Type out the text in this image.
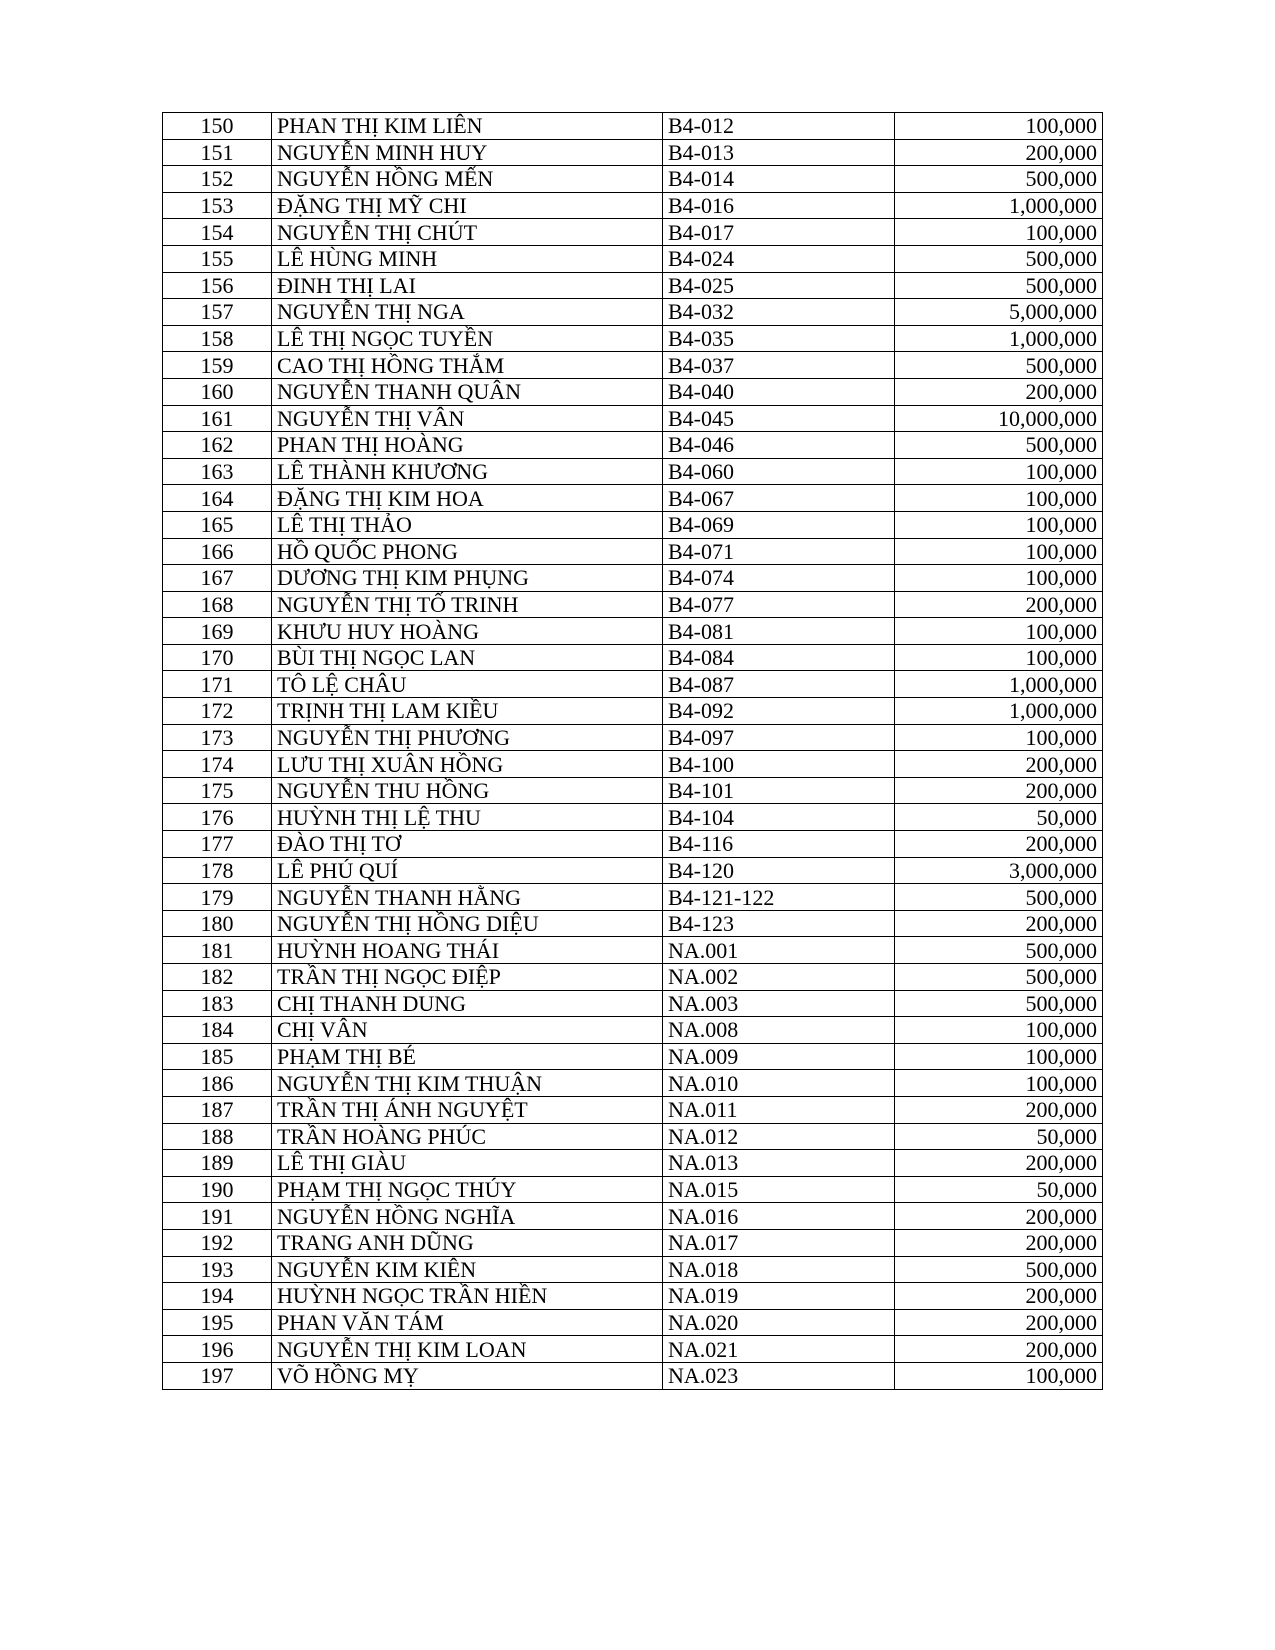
150	PHAN THỊ KIM LIÊN	B4-012	100,000
151	NGUYỄN MINH HUY	B4-013	200,000
152	NGUYỄN HỒNG MẾN	B4-014	500,000
153	ĐẶNG THỊ MỸ CHI	B4-016	1,000,000
154	NGUYỄN THỊ CHÚT	B4-017	100,000
155	LÊ HÙNG MINH	B4-024	500,000
156	ĐINH THỊ LAI	B4-025	500,000
157	NGUYỄN THỊ NGA	B4-032	5,000,000
158	LÊ THỊ NGỌC TUYỀN	B4-035	1,000,000
159	CAO THỊ HỒNG THẮM	B4-037	500,000
160	NGUYỄN THANH QUÂN	B4-040	200,000
161	NGUYỄN THỊ VÂN	B4-045	10,000,000
162	PHAN THỊ HOÀNG	B4-046	500,000
163	LÊ THÀNH KHƯƠNG	B4-060	100,000
164	ĐẶNG THỊ KIM HOA	B4-067	100,000
165	LÊ THỊ THẢO	B4-069	100,000
166	HỒ QUỐC PHONG	B4-071	100,000
167	DƯƠNG THỊ KIM PHỤNG	B4-074	100,000
168	NGUYỄN THỊ TỐ TRINH	B4-077	200,000
169	KHƯU HUY HOÀNG	B4-081	100,000
170	BÙI THỊ NGỌC LAN	B4-084	100,000
171	TÔ LỆ CHÂU	B4-087	1,000,000
172	TRỊNH THỊ LAM KIỀU	B4-092	1,000,000
173	NGUYỄN THỊ PHƯƠNG	B4-097	100,000
174	LƯU THỊ XUÂN HỒNG	B4-100	200,000
175	NGUYỄN THU HỒNG	B4-101	200,000
176	HUỲNH THỊ LỆ THU	B4-104	50,000
177	ĐÀO THỊ TƠ	B4-116	200,000
178	LÊ PHÚ QUÍ	B4-120	3,000,000
179	NGUYỄN THANH HẰNG	B4-121-122	500,000
180	NGUYỄN THỊ HỒNG DIỆU	B4-123	200,000
181	HUỲNH HOANG THÁI	NA.001	500,000
182	TRẦN THỊ NGỌC ĐIỆP	NA.002	500,000
183	CHỊ THANH DUNG	NA.003	500,000
184	CHỊ VÂN	NA.008	100,000
185	PHẠM THỊ BÉ	NA.009	100,000
186	NGUYỄN THỊ KIM THUẬN	NA.010	100,000
187	TRẦN THỊ ÁNH NGUYỆT	NA.011	200,000
188	TRẦN HOÀNG PHÚC	NA.012	50,000
189	LÊ THỊ GIÀU	NA.013	200,000
190	PHẠM THỊ NGỌC THÚY	NA.015	50,000
191	NGUYỄN HỒNG NGHĨA	NA.016	200,000
192	TRANG ANH DŨNG	NA.017	200,000
193	NGUYỄN KIM KIÊN	NA.018	500,000
194	HUỲNH NGỌC TRẦN HIỀN	NA.019	200,000
195	PHAN VĂN TÁM	NA.020	200,000
196	NGUYỄN THỊ KIM LOAN	NA.021	200,000
197	VÕ HỒNG MỴ	NA.023	100,000
